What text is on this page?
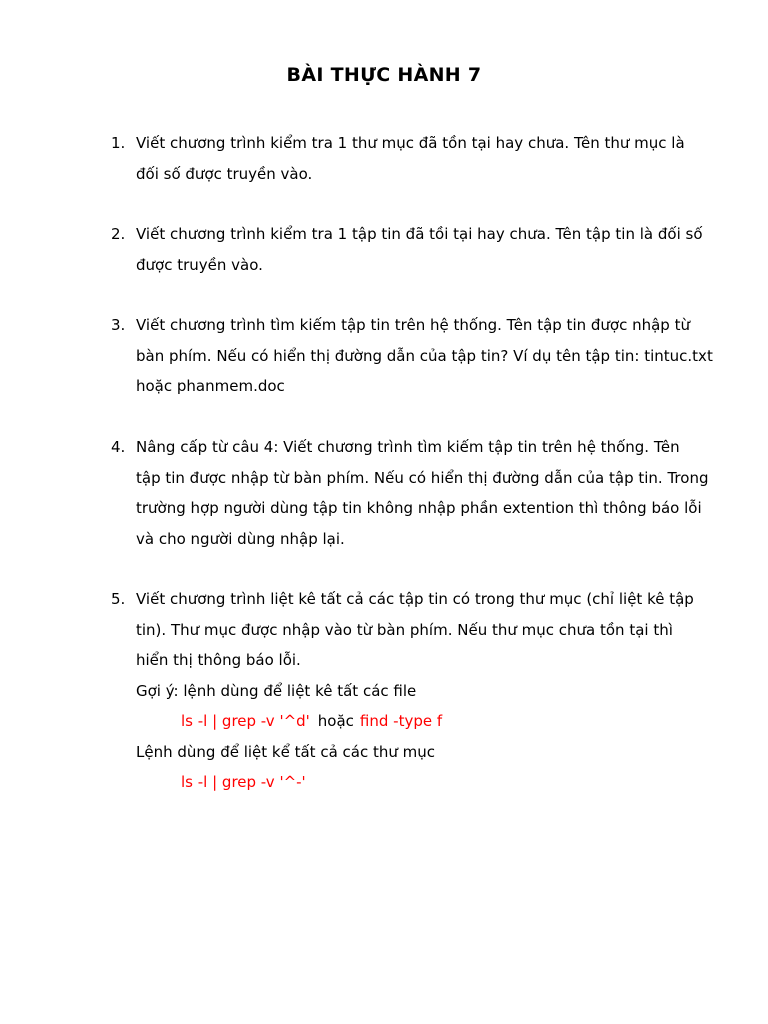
BÀI THỰC HÀNH 7
1. Viết chương trình kiểm tra 1 thư mục đã tồn tại hay chưa. Tên thư mục là
đối số được truyền vào.
2. Viết chương trình kiểm tra 1 tập tin đã tồi tại hay chưa. Tên tập tin là đối số
được truyền vào.
3. Viết chương trình tìm kiếm tập tin trên hệ thống. Tên tập tin được nhập từ
bàn phím. Nếu có hiển thị đường dẫn của tập tin? Ví dụ tên tập tin: tintuc.txt
hoặc phanmem.doc
4. Nâng cấp từ câu 4: Viết chương trình tìm kiếm tập tin trên hệ thống. Tên
tập tin được nhập từ bàn phím. Nếu có hiển thị đường dẫn của tập tin. Trong
trường hợp người dùng tập tin không nhập phần extention thì thông báo lỗi
và cho người dùng nhập lại.
5. Viết chương trình liệt kê tất cả các tập tin có trong thư mục (chỉ liệt kê tập
tin). Thư mục được nhập vào từ bàn phím. Nếu thư mục chưa tồn tại thì
hiển thị thông báo lỗi.
Gợi ý: lệnh dùng để liệt kê tất các file
ls -l | grep -v '^d' hoặc find -type f
Lệnh dùng để liệt kể tất cả các thư mục
ls -l | grep -v '^-'
